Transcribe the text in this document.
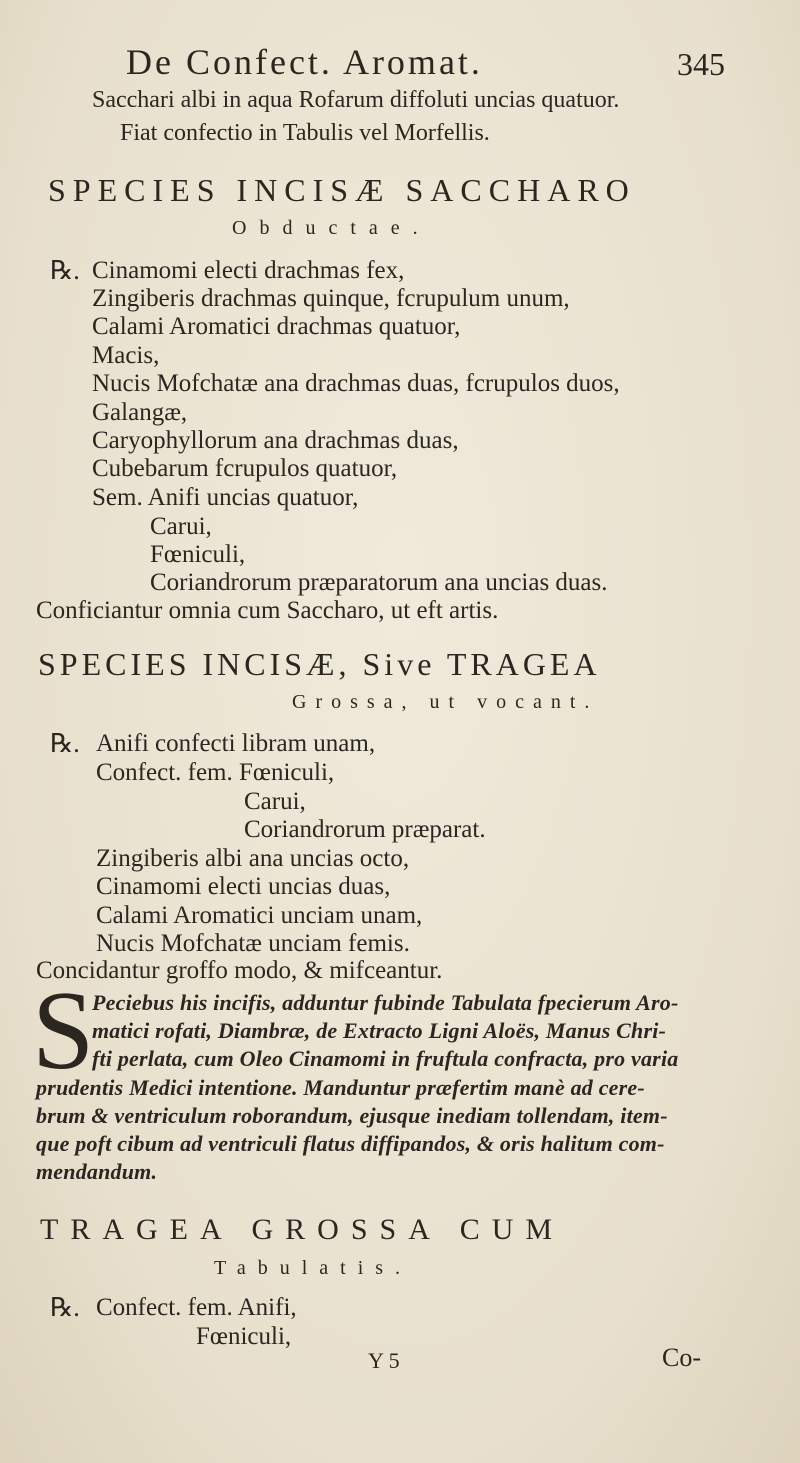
De Confect. Aromat.	345
Sacchari albi in aqua Rofarum diffoluti uncias quatuor.
Fiat confectio in Tabulis vel Morfellis.
SPECIES INCISÆ SACCHARO
Obductae.
℞. Cinamomi electi drachmas fex,
Zingiberis drachmas quinque, fcrupulum unum,
Calami Aromatici drachmas quatuor,
Macis,
Nucis Mofchatæ ana drachmas duas, fcrupulos duos,
Galangæ,
Caryophyllorum ana drachmas duas,
Cubebarum fcrupulos quatuor,
Sem. Anifi uncias quatuor,
Carui,
Fœniculi,
Coriandrorum præparatorum ana uncias duas.
Conficiantur omnia cum Saccharo, ut eft artis.
SPECIES INCISÆ, Sive TRAGEA
Grossa, ut vocant.
℞. Anifi confecti libram unam,
Confect. fem. Fœniculi,
Carui,
Coriandrorum præparat.
Zingiberis albi ana uncias octo,
Cinamomi electi uncias duas,
Calami Aromatici unciam unam,
Nucis Mofchatæ unciam femis.
Concidantur groffo modo, & mifceantur.
S
Peciebus his incifis, adduntur fubinde Tabulata fpecierum Aro-
matici rofati, Diambræ, de Extracto Ligni Aloës, Manus Chri-
fti perlata, cum Oleo Cinamomi in fruftula confracta, pro varia
prudentis Medici intentione. Manduntur præfertim manè ad cere-
brum & ventriculum roborandum, ejusque inediam tollendam, item-
que poft cibum ad ventriculi flatus diffipandos, & oris halitum com-
mendandum.
TRAGEA GROSSA CUM
Tabulatis.
℞. Confect. fem. Anifi,
Fœniculi,
Y 5	Co-
